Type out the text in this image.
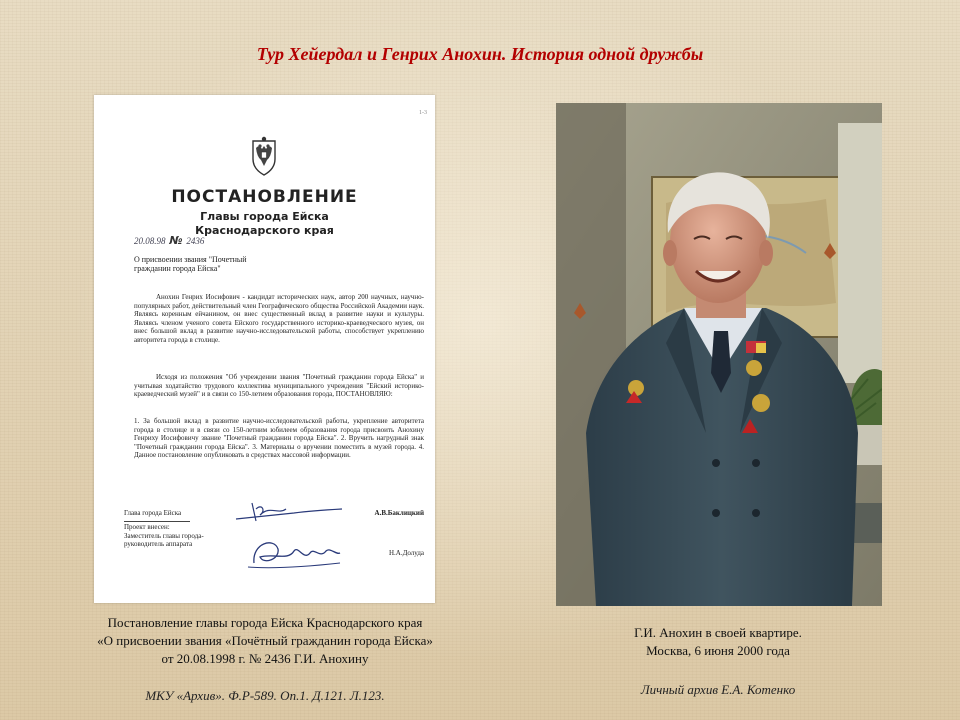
Тур Хейердал и Генрих Анохин. История одной дружбы
1-3
ПОСТАНОВЛЕНИЕ
Главы города Ейска
Краснодарского края
20.08.98 № 2436
О присвоении звания "Почетный гражданин города Ейска"
Анохин Генрих Иосифович - кандидат исторических наук, автор 200 научных, научно-популярных работ, действительный член Географического общества Российской Академии наук. Являясь коренным ейчанином, он внес существенный вклад в развитие науки и культуры. Являясь членом ученого совета Ейского государственного историко-краеведческого музея, он внес большой вклад в развитие научно-исследовательской работы, способствует укреплению авторитета города в столице.
Исходя из положения "Об учреждении звания "Почетный гражданин города Ейска" и учитывая ходатайство трудового коллектива муниципального учреждения "Ейский историко-краеведческий музей" и в связи со 150-летием образования города, ПОСТАНОВЛЯЮ:
1. За большой вклад в развитие научно-исследовательской работы, укрепление авторитета города в столице и в связи со 150-летним юбилеем образования города присвоить Анохину Генриху Иосифовичу звание "Почетный гражданин города Ейска". 2. Вручить нагрудный знак "Почетный гражданин города Ейска". 3. Материалы о вручении поместить в музей города. 4. Данное постановление опубликовать в средствах массовой информации.
Глава города Ейска	А.В.Баклицкий
Проект внесен:
Заместитель главы города-
руководитель аппарата
Н.А.Долуда
Постановление главы города Ейска Краснодарского края
«О присвоении звания «Почётный гражданин города Ейска»
от 20.08.1998 г. № 2436 Г.И. Анохину
МКУ «Архив». Ф.Р-589. Оп.1. Д.121. Л.123.
Г.И. Анохин в своей квартире.
Москва, 6 июня 2000 года
Личный архив Е.А. Котенко
